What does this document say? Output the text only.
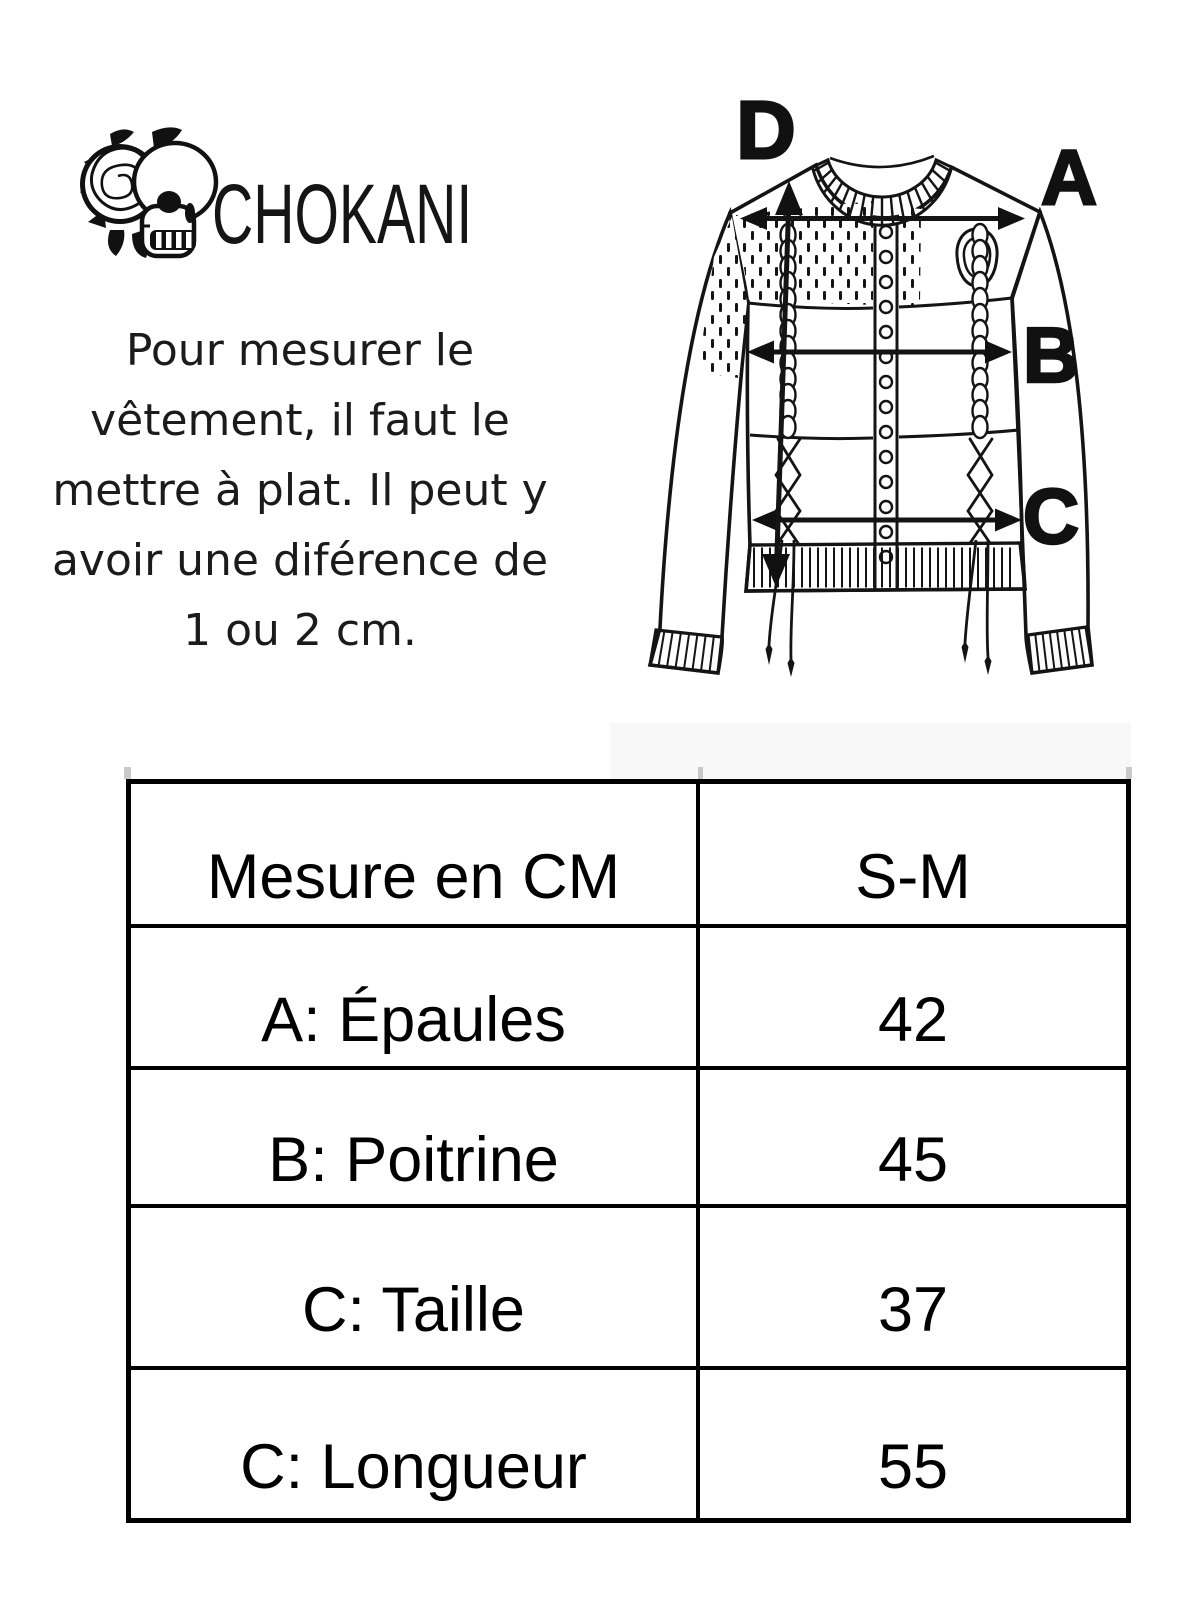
CHOKANI
Pour mesurer le
vêtement, il faut le
mettre à plat. Il peut y
avoir une diférence de
1 ou 2 cm.
D
A
B
C
Mesure en CM	S-M
A: Épaules	42
B: Poitrine	45
C: Taille	37
C: Longueur	55
